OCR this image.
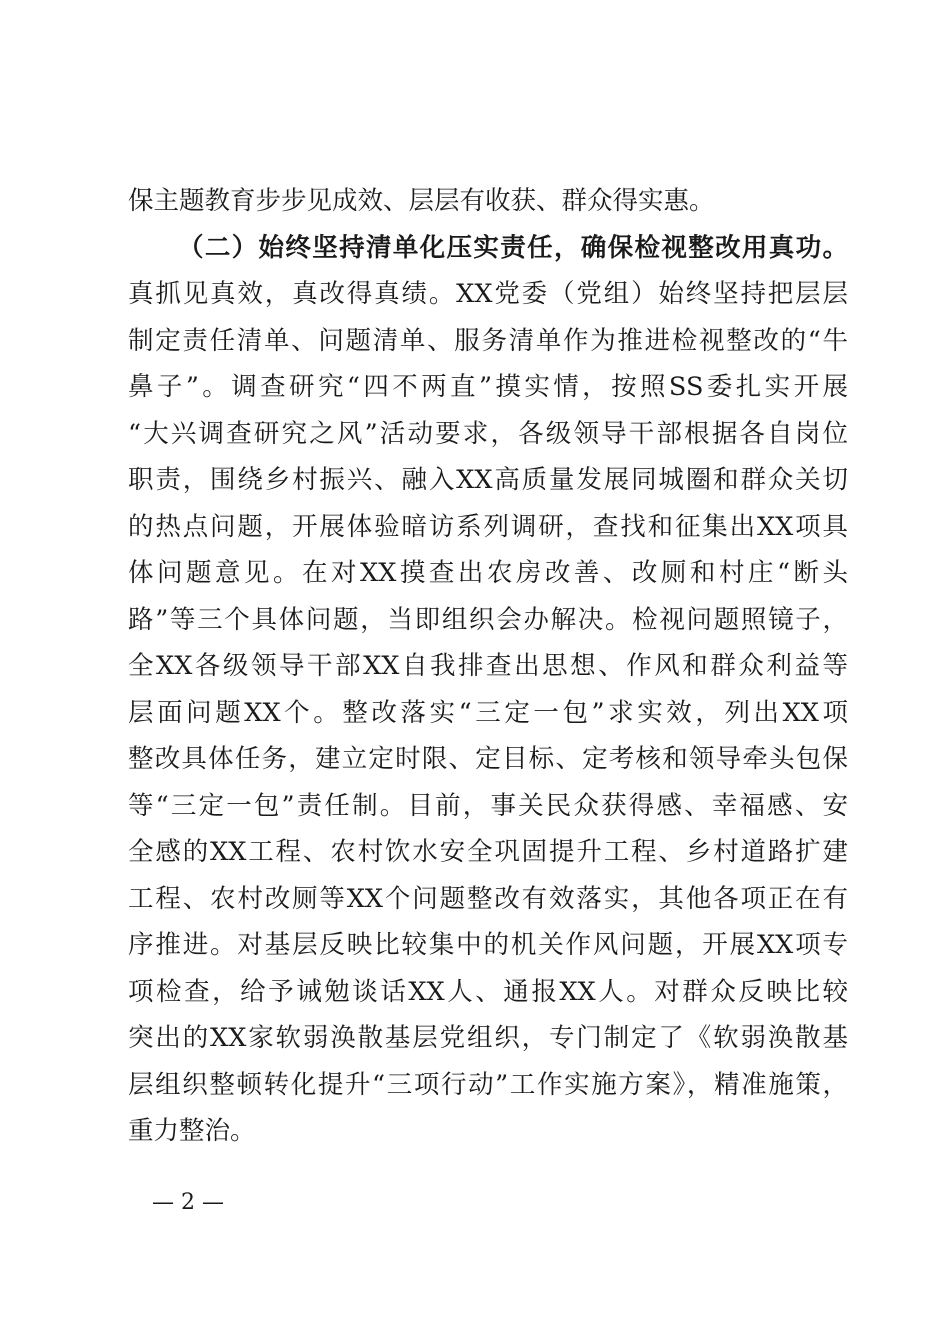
保主题教育步步见成效、层层有收获、群众得实惠。
（二）始终坚持清单化压实责任，确保检视整改用真功。
真抓见真效，真改得真绩。XX党委（党组）始终坚持把层层
制定责任清单、问题清单、服务清单作为推进检视整改的“牛
鼻子”。调查研究“四不两直”摸实情，按照SS委扎实开展
“大兴调查研究之风”活动要求，各级领导干部根据各自岗位
职责，围绕乡村振兴、融入XX高质量发展同城圈和群众关切
的热点问题，开展体验暗访系列调研，查找和征集出XX项具
体问题意见。在对XX摸查出农房改善、改厕和村庄“断头
路”等三个具体问题，当即组织会办解决。检视问题照镜子，
全XX各级领导干部XX自我排查出思想、作风和群众利益等
层面问题XX个。整改落实“三定一包”求实效，列出XX项
整改具体任务，建立定时限、定目标、定考核和领导牵头包保
等“三定一包”责任制。目前，事关民众获得感、幸福感、安
全感的XX工程、农村饮水安全巩固提升工程、乡村道路扩建
工程、农村改厕等XX个问题整改有效落实，其他各项正在有
序推进。对基层反映比较集中的机关作风问题，开展XX项专
项检查，给予诫勉谈话XX人、通报XX人。对群众反映比较
突出的XX家软弱涣散基层党组织，专门制定了《软弱涣散基
层组织整顿转化提升“三项行动”工作实施方案》，精准施策，
重力整治。
— 2 —
